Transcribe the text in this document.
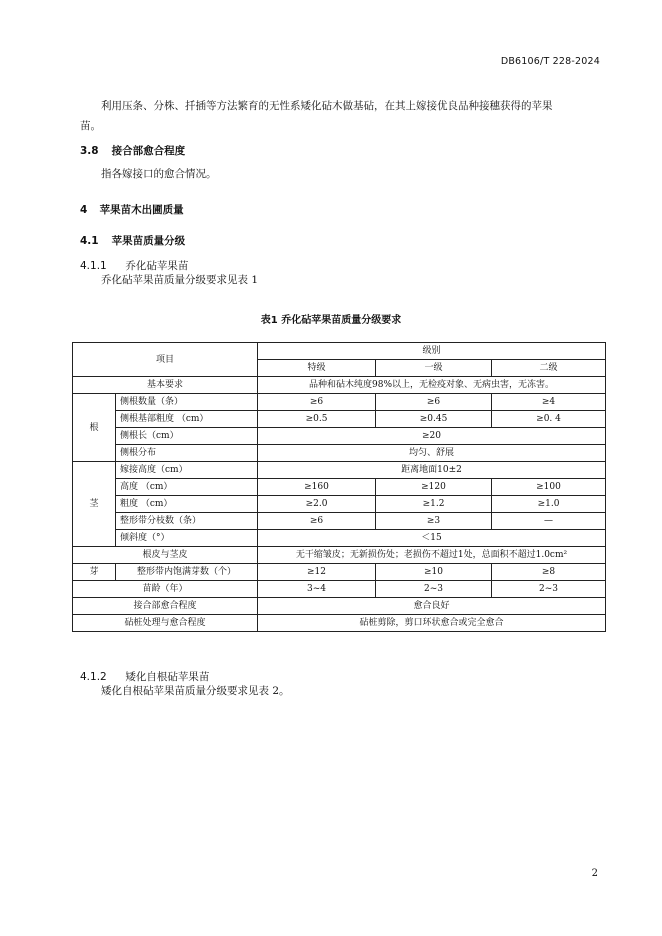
DB6106/T 228-2024
利用压条、分株、扦插等方法繁育的无性系矮化砧木做基砧，在其上嫁接优良品种接穗获得的苹果
苗。
3.8 接合部愈合程度
指各嫁接口的愈合情况。
4 苹果苗木出圃质量
4.1 苹果苗质量分级
4.1.1 乔化砧苹果苗
乔化砧苹果苗质量分级要求见表 1
表1 乔化砧苹果苗质量分级要求
项目		级别		
		特级	一级	二级
基本要求		品种和砧木纯度98%以上，无检疫对象、无病虫害，无冻害。		
根	侧根数量（条）	≥6	≥6	≥4
	侧根基部粗度 （cm）	≥0.5	≥0.45	≥0. 4
	侧根长（cm）	≥20		
	侧根分布	均匀、舒展		
茎	嫁接高度（cm）	距离地面10±2		
	高度 （cm）	≥160	≥120	≥100
	粗度 （cm）	≥2.0	≥1.2	≥1.0
	整形带分枝数（条）	≥6	≥3	—
	倾斜度（°）	＜15		
根皮与茎皮		无干缩皱皮；无新损伤处；老损伤不超过1处，总面积不超过1.0cm²		
芽	整形带内饱满芽数（个）	≥12	≥10	≥8
苗龄（年）		3~4	2~3	2~3
接合部愈合程度		愈合良好		
砧桩处理与愈合程度		砧桩剪除，剪口环状愈合或完全愈合		
4.1.2 矮化自根砧苹果苗
矮化自根砧苹果苗质量分级要求见表 2。
2
